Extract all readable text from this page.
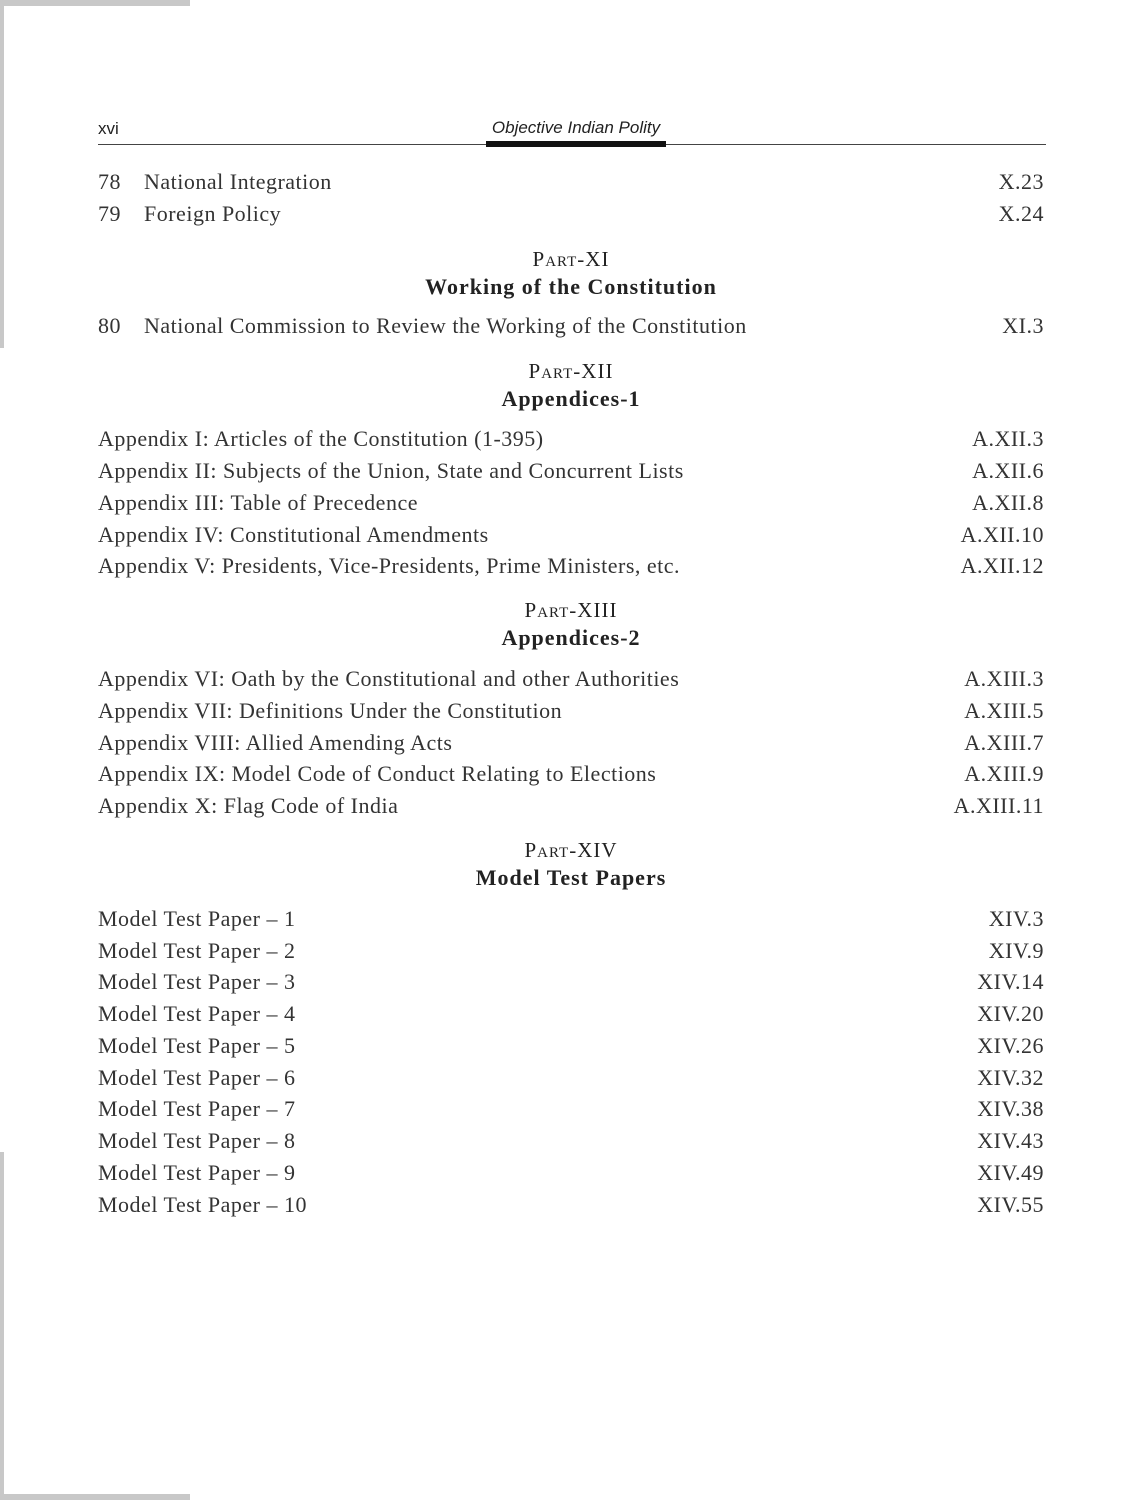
xvi	Objective Indian Polity
78 National Integration	X.23
79 Foreign Policy	X.24
Part-XI
Working of the Constitution
80 National Commission to Review the Working of the Constitution	XI.3
Part-XII
Appendices-1
Appendix I: Articles of the Constitution (1-395)	A.XII.3
Appendix II: Subjects of the Union, State and Concurrent Lists	A.XII.6
Appendix III: Table of Precedence	A.XII.8
Appendix IV: Constitutional Amendments	A.XII.10
Appendix V: Presidents, Vice-Presidents, Prime Ministers, etc.	A.XII.12
Part-XIII
Appendices-2
Appendix VI: Oath by the Constitutional and other Authorities	A.XIII.3
Appendix VII: Definitions Under the Constitution	A.XIII.5
Appendix VIII: Allied Amending Acts	A.XIII.7
Appendix IX: Model Code of Conduct Relating to Elections	A.XIII.9
Appendix X: Flag Code of India	A.XIII.11
Part-XIV
Model Test Papers
Model Test Paper – 1	XIV.3
Model Test Paper – 2	XIV.9
Model Test Paper – 3	XIV.14
Model Test Paper – 4	XIV.20
Model Test Paper – 5	XIV.26
Model Test Paper – 6	XIV.32
Model Test Paper – 7	XIV.38
Model Test Paper – 8	XIV.43
Model Test Paper – 9	XIV.49
Model Test Paper – 10	XIV.55
